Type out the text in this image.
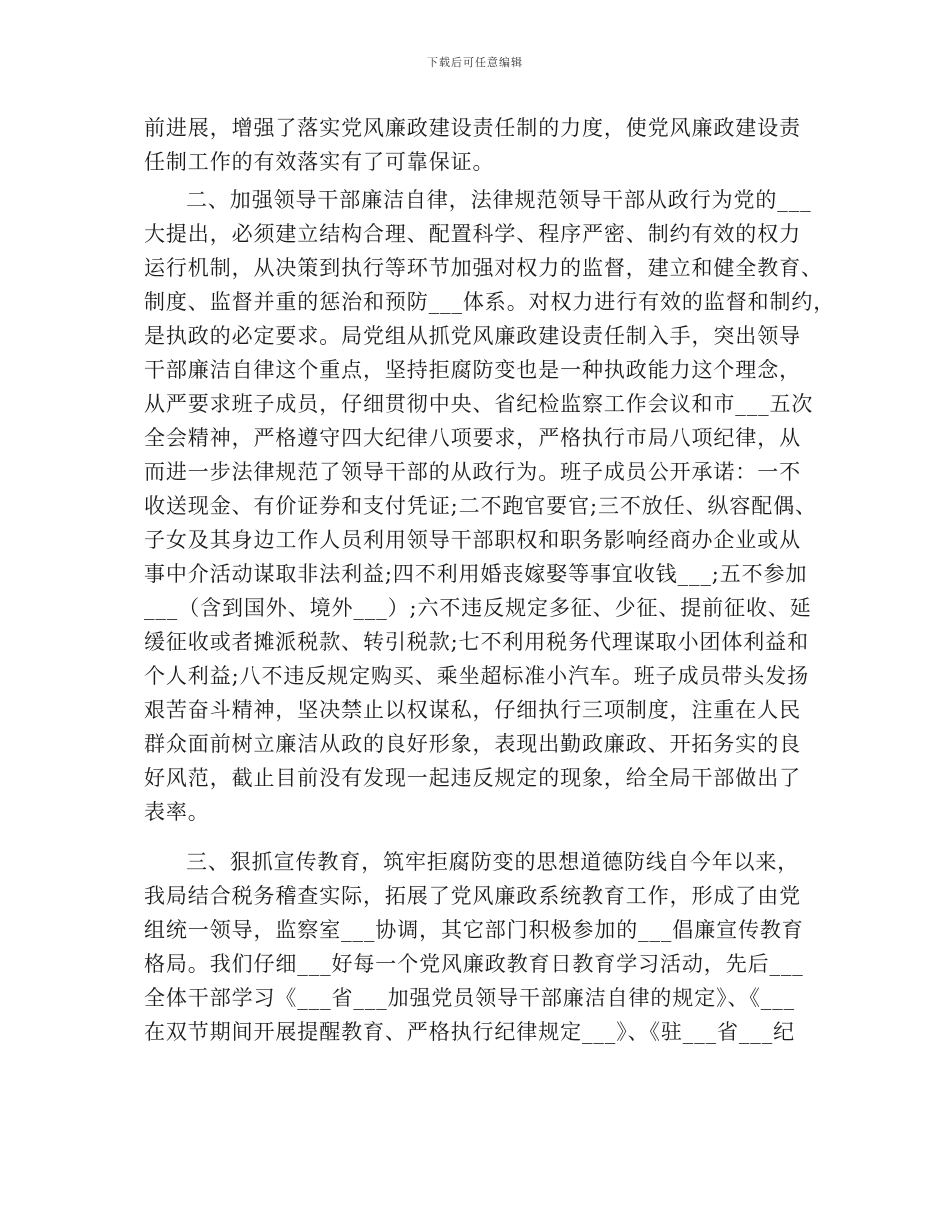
下载后可任意编辑
前进展，增强了落实党风廉政建设责任制的力度，使党风廉政建设责
任制工作的有效落实有了可靠保证。
二、加强领导干部廉洁自律，法律规范领导干部从政行为党的___
大提出，必须建立结构合理、配置科学、程序严密、制约有效的权力
运行机制，从决策到执行等环节加强对权力的监督，建立和健全教育、
制度、监督并重的惩治和预防___体系。对权力进行有效的监督和制约，
是执政的必定要求。局党组从抓党风廉政建设责任制入手，突出领导
干部廉洁自律这个重点，坚持拒腐防变也是一种执政能力这个理念，
从严要求班子成员，仔细贯彻中央、省纪检监察工作会议和市___五次
全会精神，严格遵守四大纪律八项要求，严格执行市局八项纪律，从
而进一步法律规范了领导干部的从政行为。班子成员公开承诺：一不
收送现金、有价证券和支付凭证;二不跑官要官;三不放任、纵容配偶、
子女及其身边工作人员利用领导干部职权和职务影响经商办企业或从
事中介活动谋取非法利益;四不利用婚丧嫁娶等事宜收钱___;五不参加
___（含到国外、境外___）;六不违反规定多征、少征、提前征收、延
缓征收或者摊派税款、转引税款;七不利用税务代理谋取小团体利益和
个人利益;八不违反规定购买、乘坐超标准小汽车。班子成员带头发扬
艰苦奋斗精神，坚决禁止以权谋私，仔细执行三项制度，注重在人民
群众面前树立廉洁从政的良好形象，表现出勤政廉政、开拓务实的良
好风范，截止目前没有发现一起违反规定的现象，给全局干部做出了
表率。
三、狠抓宣传教育，筑牢拒腐防变的思想道德防线自今年以来，
我局结合税务稽查实际，拓展了党风廉政系统教育工作，形成了由党
组统一领导，监察室___协调，其它部门积极参加的___倡廉宣传教育
格局。我们仔细___好每一个党风廉政教育日教育学习活动，先后___
全体干部学习《___省___加强党员领导干部廉洁自律的规定》、《___
在双节期间开展提醒教育、严格执行纪律规定___》、《驻___省___纪
